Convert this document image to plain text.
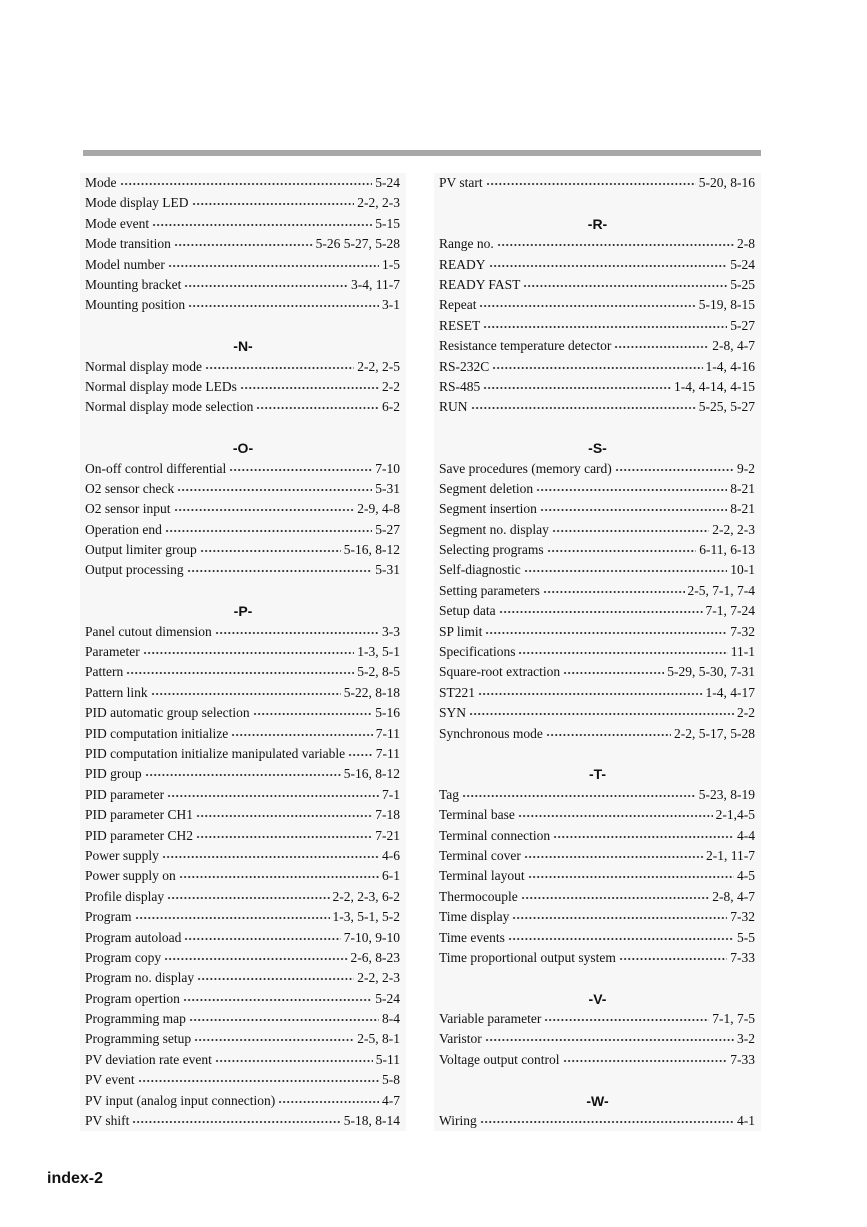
Mode	5-24
Mode display LED	2-2, 2-3
Mode event	5-15
Mode transition	5-26 5-27, 5-28
Model number	1-5
Mounting bracket	3-4, 11-7
Mounting position	3-1
-N-
Normal display mode	2-2, 2-5
Normal display mode LEDs	2-2
Normal display mode selection	6-2
-O-
On-off control differential	7-10
O2 sensor check	5-31
O2 sensor input	2-9, 4-8
Operation end	5-27
Output limiter group	5-16, 8-12
Output processing	5-31
-P-
Panel cutout dimension	3-3
Parameter	1-3, 5-1
Pattern	5-2, 8-5
Pattern link	5-22, 8-18
PID automatic group selection	5-16
PID computation initialize	7-11
PID computation initialize manipulated variable 7-11
PID group	5-16, 8-12
PID parameter	7-1
PID parameter CH1	7-18
PID parameter CH2	7-21
Power supply	4-6
Power supply on	6-1
Profile display	2-2, 2-3, 6-2
Program	1-3, 5-1, 5-2
Program autoload	7-10, 9-10
Program copy	2-6, 8-23
Program no. display	2-2, 2-3
Program opertion	5-24
Programming map	8-4
Programming setup	2-5, 8-1
PV deviation rate event	5-11
PV event	5-8
PV input (analog input connection)	4-7
PV shift	5-18, 8-14
PV start	5-20, 8-16
-R-
Range no.	2-8
READY	5-24
READY FAST	5-25
Repeat	5-19, 8-15
RESET	5-27
Resistance temperature detector	2-8, 4-7
RS-232C	1-4, 4-16
RS-485	1-4, 4-14, 4-15
RUN	5-25, 5-27
-S-
Save procedures (memory card)	9-2
Segment deletion	8-21
Segment insertion	8-21
Segment no. display	2-2, 2-3
Selecting programs	6-11, 6-13
Self-diagnostic	10-1
Setting parameters	2-5, 7-1, 7-4
Setup data	7-1, 7-24
SP limit	7-32
Specifications	11-1
Square-root extraction	5-29, 5-30, 7-31
ST221	1-4, 4-17
SYN	2-2
Synchronous mode	2-2, 5-17, 5-28
-T-
Tag	5-23, 8-19
Terminal base	2-1,4-5
Terminal connection	4-4
Terminal cover	2-1, 11-7
Terminal layout	4-5
Thermocouple	2-8, 4-7
Time display	7-32
Time events	5-5
Time proportional output system	7-33
-V-
Variable parameter	7-1, 7-5
Varistor	3-2
Voltage output control	7-33
-W-
Wiring	4-1
index-2
